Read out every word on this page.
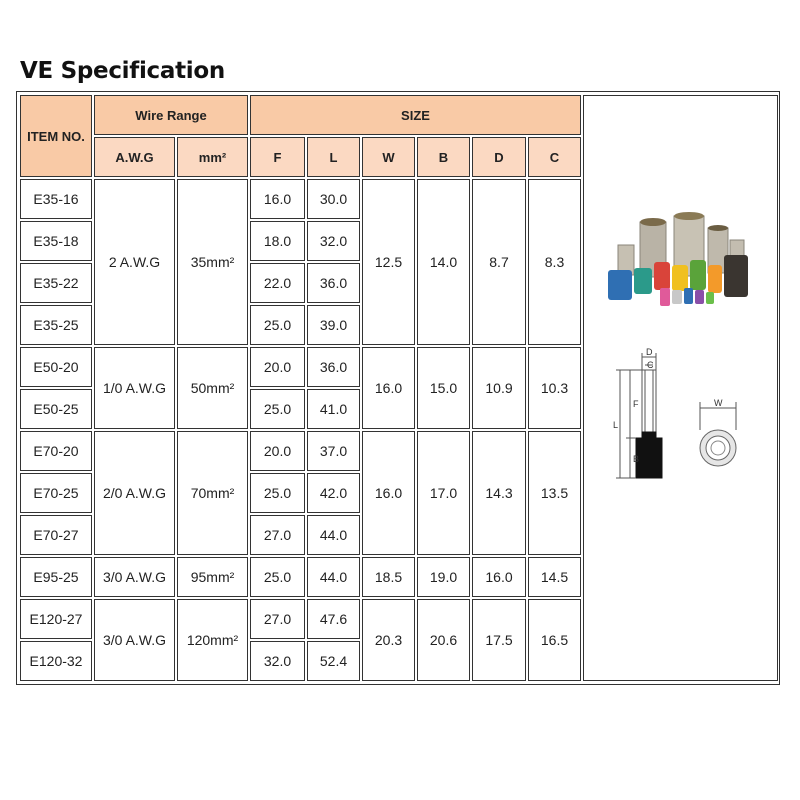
VE Specification
ITEM NO.	Wire Range		SIZE						
	A.W.G	mm²	F	L	W	B	D	C	
E35-16	2 A.W.G	35mm²	16.0	30.0	12.5	14.0	8.7	8.3	
E35-18			18.0	32.0					
E35-22			22.0	36.0					
E35-25			25.0	39.0					
E50-20	1/0 A.W.G	50mm²	20.0	36.0	16.0	15.0	10.9	10.3	
E50-25			25.0	41.0					
E70-20	2/0 A.W.G	70mm²	20.0	37.0	16.0	17.0	14.3	13.5	
E70-25			25.0	42.0					
E70-27			27.0	44.0					
E95-25	3/0 A.W.G	95mm²	25.0	44.0	18.5	19.0	16.0	14.5	
E120-27	3/0 A.W.G	120mm²	27.0	47.6	20.3	20.6	17.5	16.5	
E120-32			32.0	52.4					
D
C
F
L
B
W
